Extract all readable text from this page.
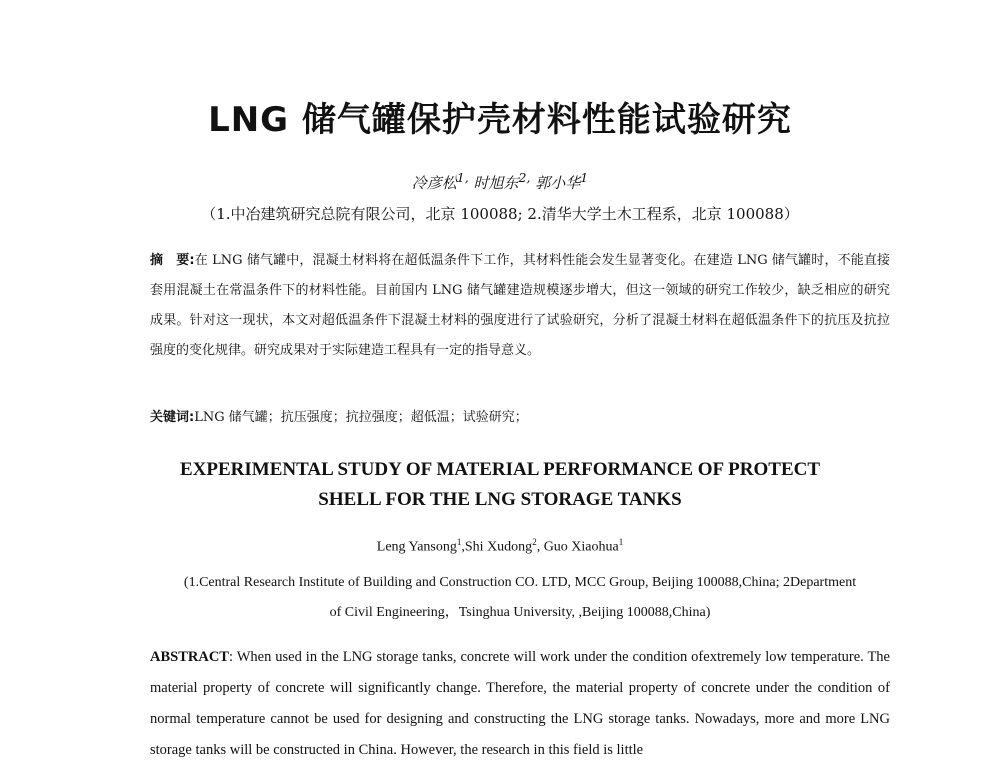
LNG 储气罐保护壳材料性能试验研究
冷彦松$^{1,}$ 时旭东$^{2,}$ 郭小华$^1$
（1.中冶建筑研究总院有限公司，北京 100088; 2.清华大学土木工程系，北京 100088）
摘　要:在 LNG 储气罐中，混凝土材料将在超低温条件下工作，其材料性能会发生显著变化。在建造 LNG 储气罐时，不能直接套用混凝土在常温条件下的材料性能。目前国内 LNG 储气罐建造规模逐步增大，但这一领域的研究工作较少，缺乏相应的研究成果。针对这一现状，本文对超低温条件下混凝土材料的强度进行了试验研究，分析了混凝土材料在超低温条件下的抗压及抗拉强度的变化规律。研究成果对于实际建造工程具有一定的指导意义。
关键词:LNG 储气罐；抗压强度；抗拉强度；超低温；试验研究；
EXPERIMENTAL STUDY OF MATERIAL PERFORMANCE OF PROTECT
SHELL FOR THE LNG STORAGE TANKS
Leng Yansong$^1$,Shi Xudong$^2$, Guo Xiaohua$^1$
(1.Central Research Institute of Building and Construction CO. LTD, MCC Group, Beijing 100088,China; 2Department
of Civil Engineering，Tsinghua University, ,Beijing 100088,China)
ABSTRACT: When used in the LNG storage tanks, concrete will work under the condition ofextremely low temperature. The material property of concrete will significantly change. Therefore, the material property of concrete under the condition of normal temperature cannot be used for designing and constructing the LNG storage tanks. Nowadays, more and more LNG storage tanks will be constructed in China. However, the research in this field is little
